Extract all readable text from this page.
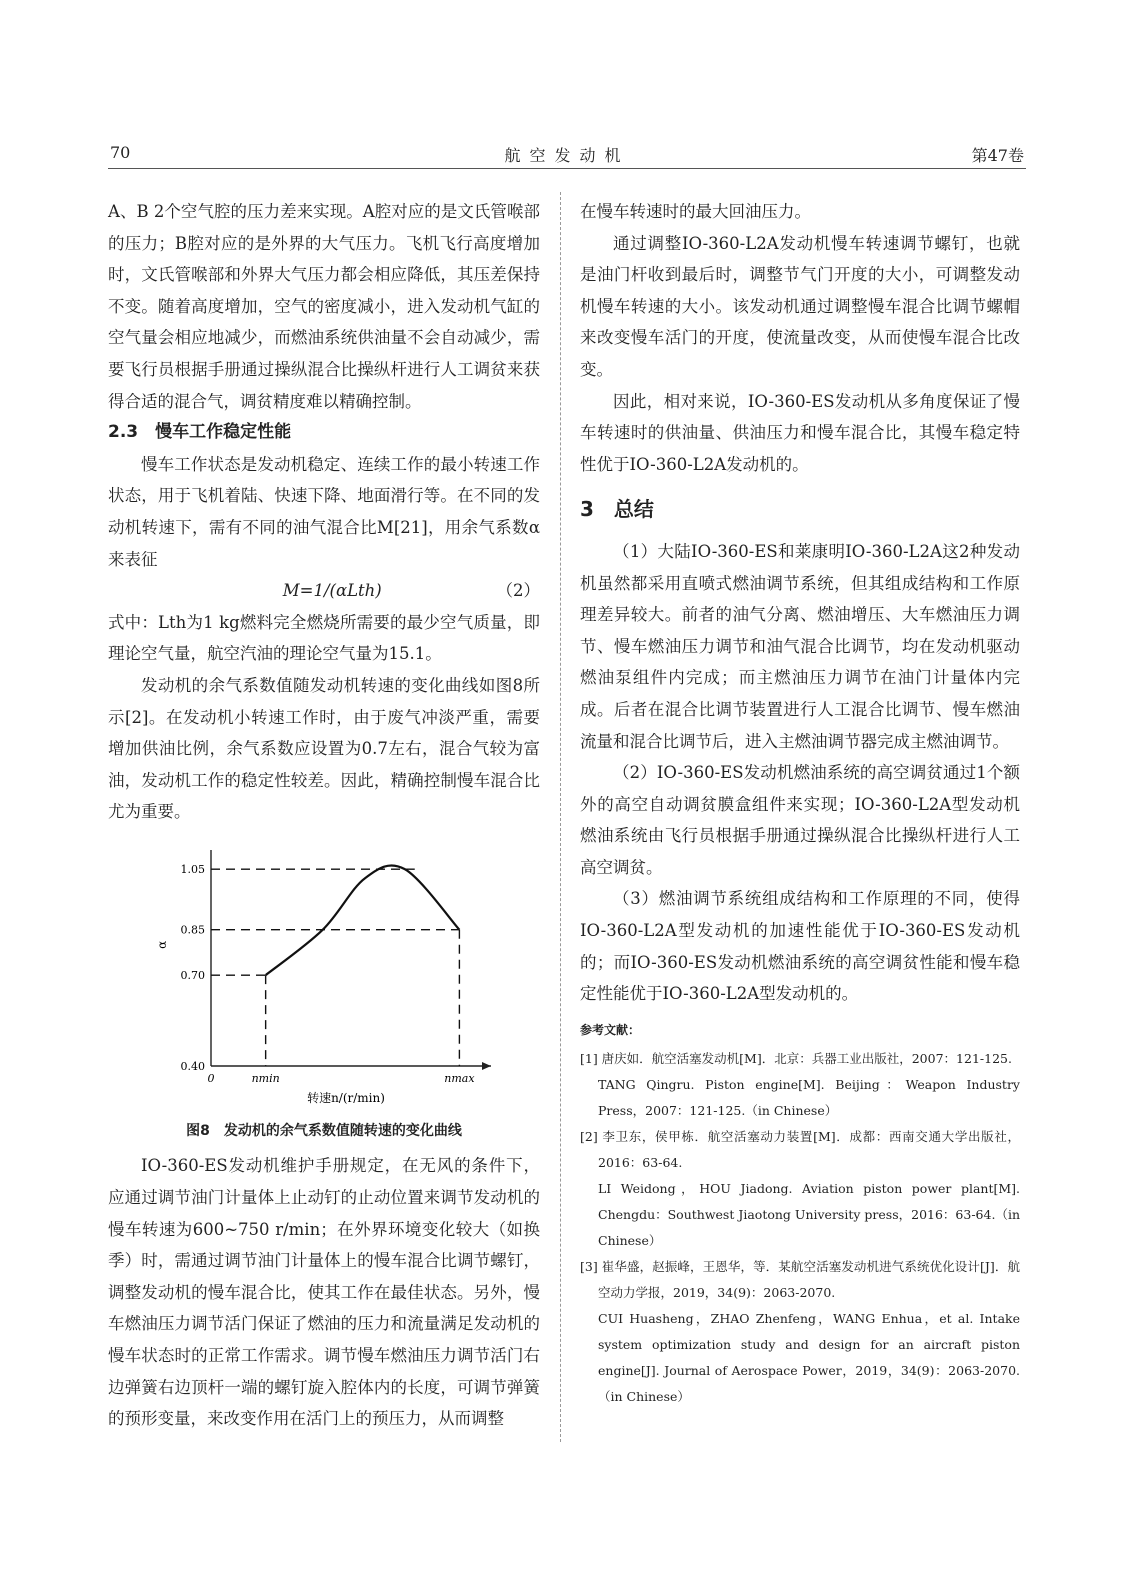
70	航空发动机	第47卷

A、B 2个空气腔的压力差来实现。A腔对应的是文氏管喉部的压力；B腔对应的是外界的大气压力。飞机飞行高度增加时，文氏管喉部和外界大气压力都会相应降低，其压差保持不变。随着高度增加，空气的密度减小，进入发动机气缸的空气量会相应地减少，而燃油系统供油量不会自动减少，需要飞行员根据手册通过操纵混合比操纵杆进行人工调贫来获得合适的混合气，调贫精度难以精确控制。

2.3　慢车工作稳定性能

慢车工作状态是发动机稳定、连续工作的最小转速工作状态，用于飞机着陆、快速下降、地面滑行等。在不同的发动机转速下，需有不同的油气混合比M[21]，用余气系数α来表征

M=1/(αLth)	（2）

式中：Lth为1 kg燃料完全燃烧所需要的最少空气质量，即理论空气量，航空汽油的理论空气量为15.1。

发动机的余气系数值随发动机转速的变化曲线如图8所示[2]。在发动机小转速工作时，由于废气冲淡严重，需要增加供油比例，余气系数应设置为0.7左右，混合气较为富油，发动机工作的稳定性较差。因此，精确控制慢车混合比尤为重要。

1.05
0.85
0.70
0.40
α
0	nmin	nmax
转速n/(r/min)
图8　发动机的余气系数值随转速的变化曲线

IO-360-ES发动机维护手册规定，在无风的条件下，应通过调节油门计量体上止动钉的止动位置来调节发动机的慢车转速为600~750 r/min；在外界环境变化较大（如换季）时，需通过调节油门计量体上的慢车混合比调节螺钉，调整发动机的慢车混合比，使其工作在最佳状态。另外，慢车燃油压力调节活门保证了燃油的压力和流量满足发动机的慢车状态时的正常工作需求。调节慢车燃油压力调节活门右边弹簧右边顶杆一端的螺钉旋入腔体内的长度，可调节弹簧的预形变量，来改变作用在活门上的预压力，从而调整

在慢车转速时的最大回油压力。

通过调整IO-360-L2A发动机慢车转速调节螺钉，也就是油门杆收到最后时，调整节气门开度的大小，可调整发动机慢车转速的大小。该发动机通过调整慢车混合比调节螺帽来改变慢车活门的开度，使流量改变，从而使慢车混合比改变。

因此，相对来说，IO-360-ES发动机从多角度保证了慢车转速时的供油量、供油压力和慢车混合比，其慢车稳定特性优于IO-360-L2A发动机的。

3　总结

（1）大陆IO-360-ES和莱康明IO-360-L2A这2种发动机虽然都采用直喷式燃油调节系统，但其组成结构和工作原理差异较大。前者的油气分离、燃油增压、大车燃油压力调节、慢车燃油压力调节和油气混合比调节，均在发动机驱动燃油泵组件内完成；而主燃油压力调节在油门计量体内完成。后者在混合比调节装置进行人工混合比调节、慢车燃油流量和混合比调节后，进入主燃油调节器完成主燃油调节。

（2）IO-360-ES发动机燃油系统的高空调贫通过1个额外的高空自动调贫膜盒组件来实现；IO-360-L2A型发动机燃油系统由飞行员根据手册通过操纵混合比操纵杆进行人工高空调贫。

（3）燃油调节系统组成结构和工作原理的不同，使得IO-360-L2A型发动机的加速性能优于IO-360-ES发动机的；而IO-360-ES发动机燃油系统的高空调贫性能和慢车稳定性能优于IO-360-L2A型发动机的。

参考文献：
[1] 唐庆如．航空活塞发动机[M]．北京：兵器工业出版社，2007：121-125.
TANG Qingru. Piston engine[M]. Beijing：Weapon Industry Press，2007：121-125.（in Chinese）
[2] 李卫东，侯甲栋．航空活塞动力装置[M]．成都：西南交通大学出版社，2016：63-64.
LI Weidong，HOU Jiadong. Aviation piston power plant[M]. Chengdu：Southwest Jiaotong University press，2016：63-64.（in Chinese）
[3] 崔华盛，赵振峰，王恩华，等．某航空活塞发动机进气系统优化设计[J]．航空动力学报，2019，34(9)：2063-2070.
CUI Huasheng，ZHAO Zhenfeng，WANG Enhua，et al. Intake system optimization study and design for an aircraft piston engine[J]. Journal of Aerospace Power，2019，34(9)：2063-2070.（in Chinese）
